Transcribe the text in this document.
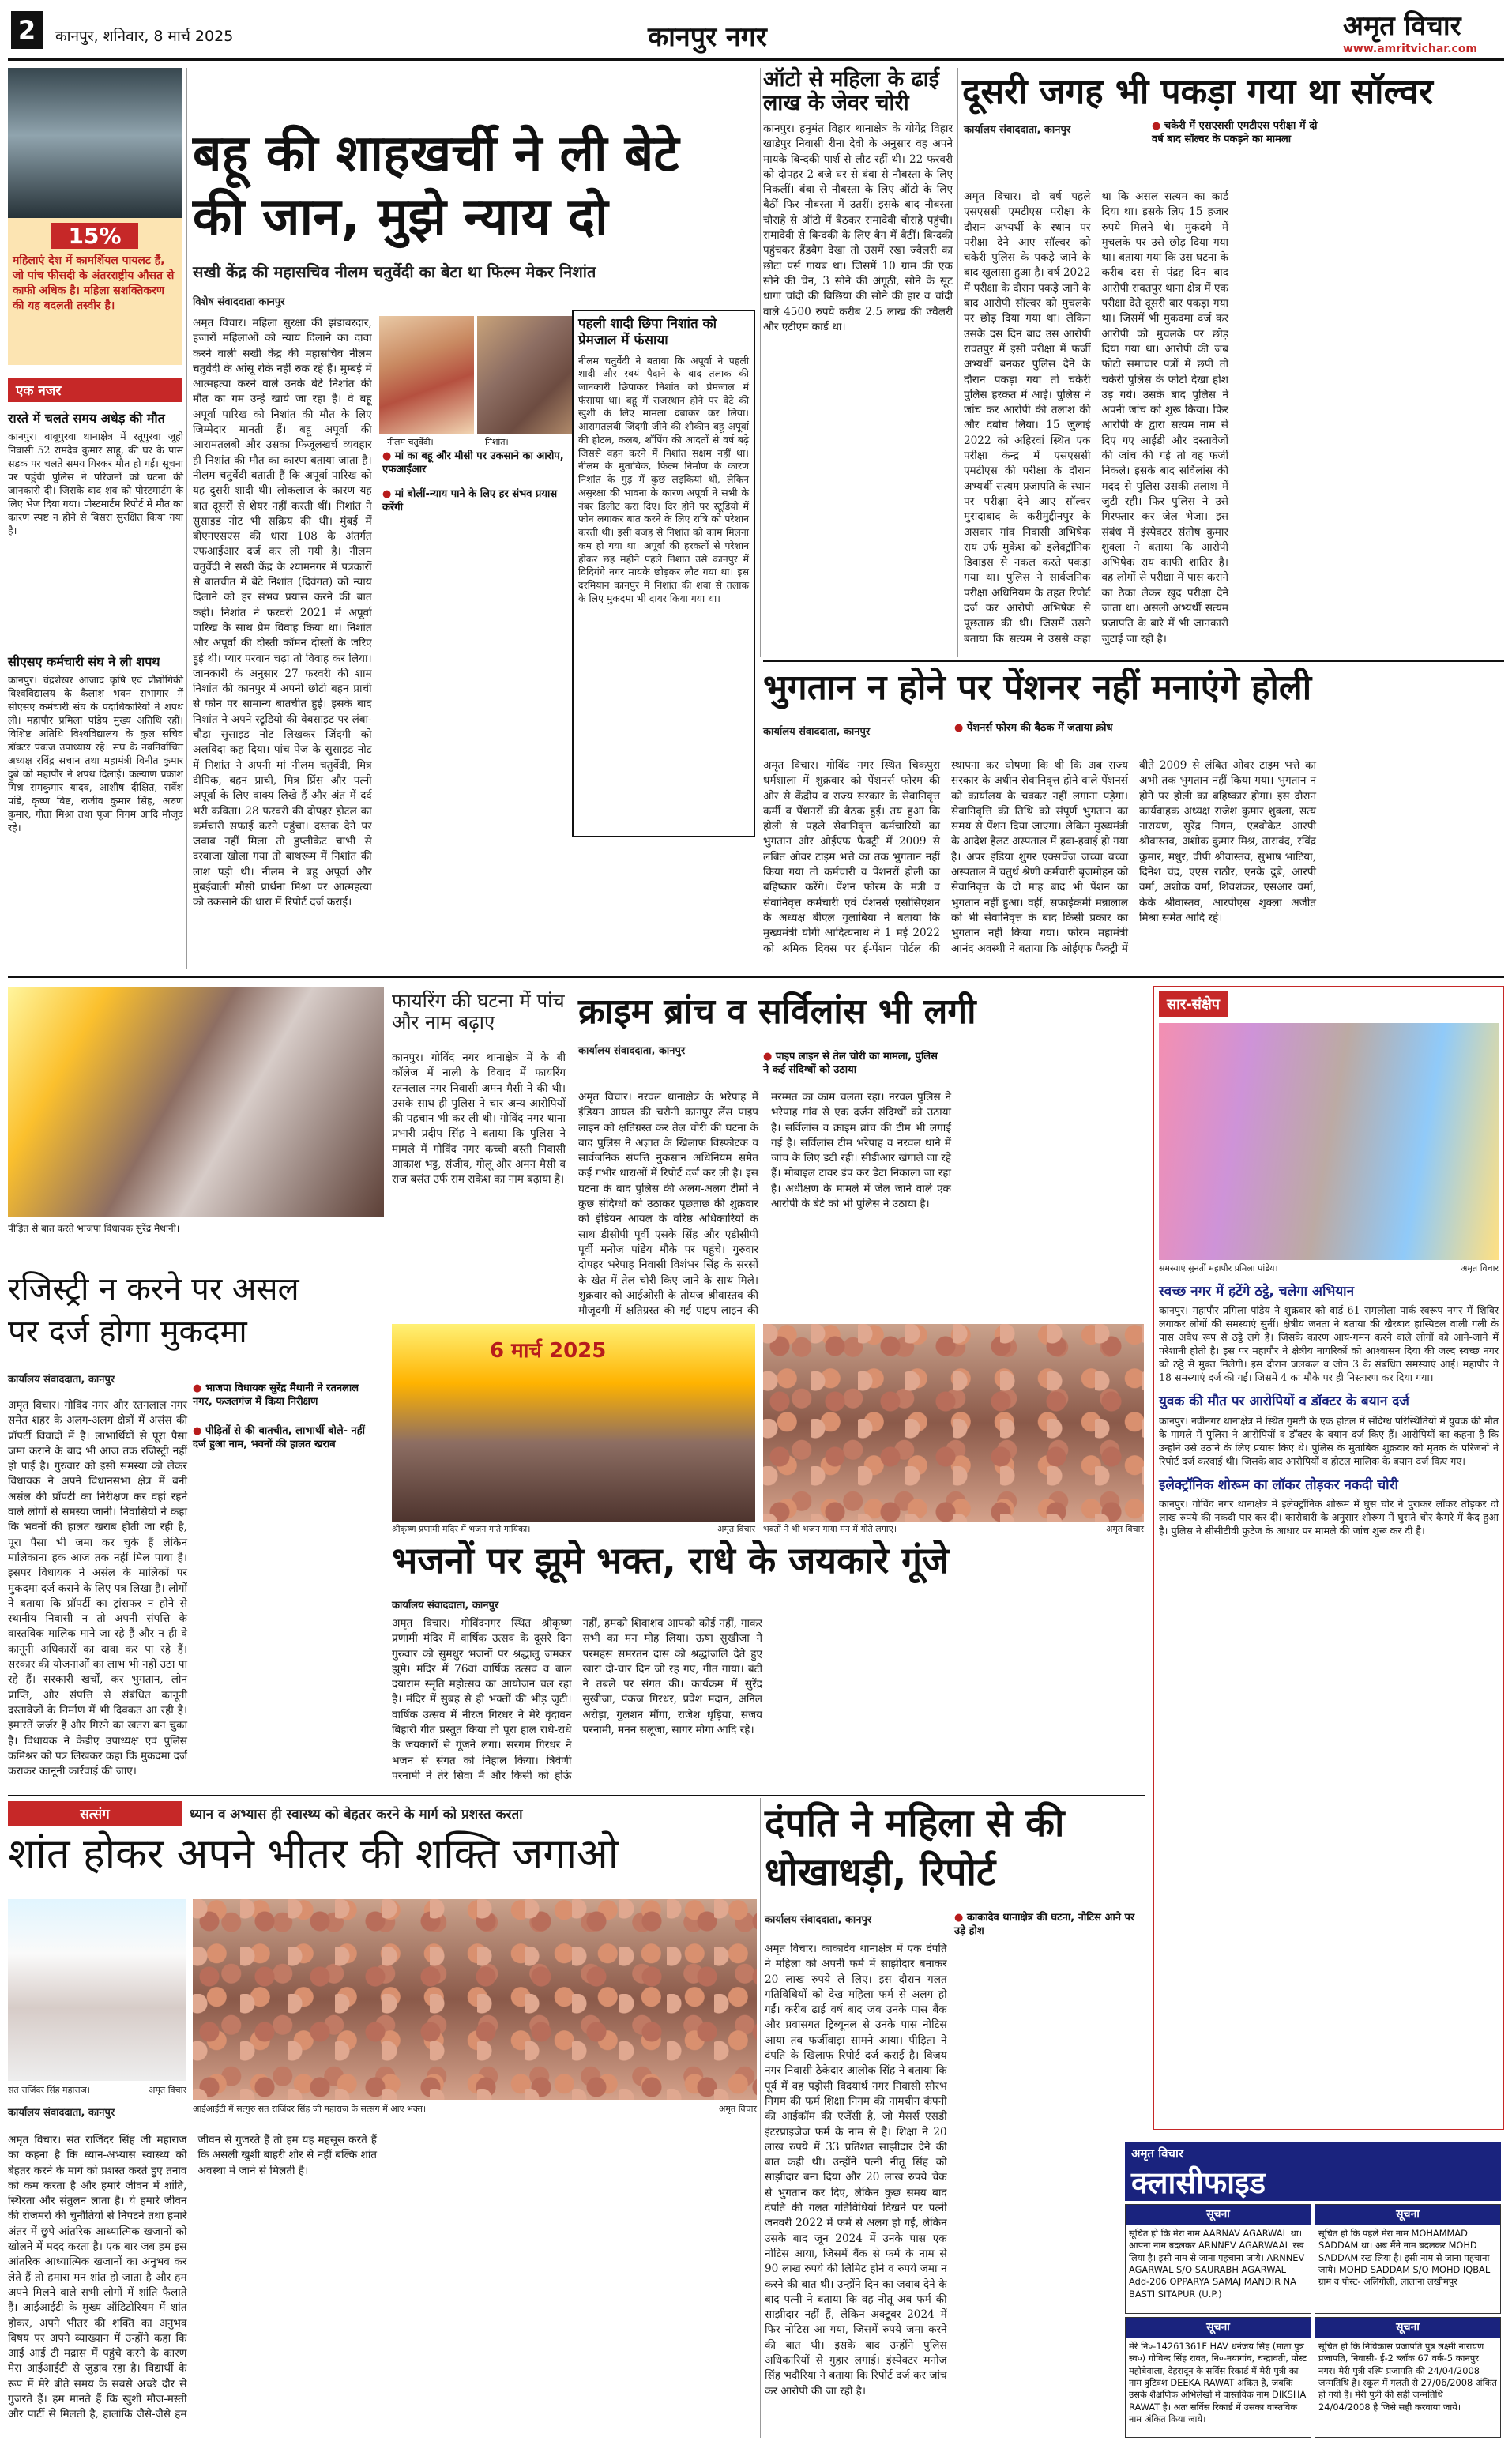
2	कानपुर, शनिवार, 8 मार्च 2025	कानपुर नगर	अमृत विचार
www.amritvichar.com
15%
महिलाएं देश में कामर्शियल पायलट हैं, जो पांच फीसदी के अंतरराष्ट्रीय औसत से काफी अधिक है। महिला सशक्तिकरण की यह बदलती तस्वीर है।
एक नजर
रास्ते में चलते समय अधेड़ की मौत
कानपुर। बाबूपुरवा थानाक्षेत्र में रतूपुरवा जूही निवासी 52 रामदेव कुमार साहू, की घर के पास सड़क पर चलते समय गिरकर मौत हो गई। सूचना पर पहुंची पुलिस ने परिजनों को घटना की जानकारी दी। जिसके बाद शव को पोस्टमार्टम के लिए भेज दिया गया। पोस्टमार्टम रिपोर्ट में मौत का कारण स्पष्ट न होने से बिसरा सुरक्षित किया गया है।
सीएसए कर्मचारी संघ ने ली शपथ
कानपुर। चंद्रशेखर आजाद कृषि एवं प्रौद्योगिकी विश्वविद्यालय के कैलाश भवन सभागार में सीएसए कर्मचारी संघ के पदाधिकारियों ने शपथ ली। महापौर प्रमिला पांडेय मुख्य अतिथि रहीं। विशिष्ट अतिथि विश्वविद्यालय के कुल सचिव डॉक्टर पंकज उपाध्याय रहे। संघ के नवनिर्वाचित अध्यक्ष रविंद्र सचान तथा महामंत्री विनीत कुमार दुबे को महापौर ने शपथ दिलाई। कल्याण प्रकाश मिश्र रामकुमार यादव, आशीष दीक्षित, सर्वेश पांडे, कृष्ण बिष्ट, राजीव कुमार सिंह, अरुण कुमार, गीता मिश्रा तथा पूजा निगम आदि मौजूद रहे।
बहू की शाहखर्ची ने ली बेटे
की जान, मुझे न्याय दो
सखी केंद्र की महासचिव नीलम चतुर्वेदी का बेटा था फिल्म मेकर निशांत
विशेष संवाददाता कानपुर
नीलम चतुर्वेदी।	निशांत।
● मां का बहू और मौसी पर उकसाने का आरोप, एफआईआर
● मां बोलीं-न्याय पाने के लिए हर संभव प्रयास करेंगी
अमृत विचार। महिला सुरक्षा की झंडाबरदार, हजारों महिलाओं को न्याय दिलाने का दावा करने वाली सखी केंद्र की महासचिव नीलम चतुर्वेदी के आंसू रोके नहीं रुक रहे हैं। मुम्बई में आत्महत्या करने वाले उनके बेटे निशांत की मौत का गम उन्हें खाये जा रहा है। वे बहू अपूर्वा पारिख को निशांत की मौत के लिए जिम्मेदार मानती हैं। बहू अपूर्वा की आरामतलबी और उसका फिजूलखर्च व्यवहार ही निशांत की मौत का कारण बताया जाता है। नीलम चतुर्वेदी बताती हैं कि अपूर्वा पारिख को यह दुसरी शादी थी। लोकलाज के कारण यह बात दूसरों से शेयर नहीं करती थीं। निशांत ने सुसाइड नोट भी सक्रिय की थी। मुंबई में बीएनएसएस की धारा 108 के अंतर्गत एफआईआर दर्ज कर ली गयी है। नीलम चतुर्वेदी ने सखी केंद्र के श्यामनगर में पत्रकारों से बातचीत में बेटे निशांत (दिवंगत) को न्याय दिलाने को हर संभव प्रयास करने की बात कही। निशांत ने फरवरी 2021 में अपूर्वा पारिख के साथ प्रेम विवाह किया था। निशांत और अपूर्वा की दोस्ती कॉमन दोस्तों के जरिए हुई थी। प्यार परवान चढ़ा तो विवाह कर लिया। जानकारी के अनुसार 27 फरवरी की शाम निशांत की कानपुर में अपनी छोटी बहन प्राची से फोन पर सामान्य बातचीत हुई। इसके बाद निशांत ने अपने स्टूडियो की वेबसाइट पर लंबा-चौड़ा सुसाइड नोट लिखकर जिंदगी को अलविदा कह दिया। पांच पेज के सुसाइड नोट में निशांत ने अपनी मां नीलम चतुर्वेदी, मित्र दीपिक, बहन प्राची, मित्र प्रिंस और पत्नी अपूर्वा के लिए वाक्य लिखे हैं और अंत में दर्द भरी कविता। 28 फरवरी की दोपहर होटल का कर्मचारी सफाई करने पहुंचा। दस्तक देने पर जवाब नहीं मिला तो डुप्लीकेट चाभी से दरवाजा खोला गया तो बाथरूम में निशांत की लाश पड़ी थी। नीलम ने बहू अपूर्वा और मुंबईवाली मौसी प्रार्थना मिश्रा पर आत्महत्या को उकसाने की धारा में रिपोर्ट दर्ज कराई।
पहली शादी छिपा निशांत को प्रेमजाल में फंसाया
नीलम चतुर्वेदी ने बताया कि अपूर्वा ने पहली शादी और स्वयं पैदाने के बाद तलाक की जानकारी छिपाकर निशांत को प्रेमजाल में फंसाया था। बहू में राजस्थान होने पर वेटे की खुशी के लिए मामला दबाकर कर लिया। आरामतलबी जिंदगी जीने की शौकीन बहू अपूर्वा की होटल, कलब, शॉपिंग की आदतों से वर्ष बढ़े जिससे वहन करने में निशांत सक्षम नहीं था। नीलम के मुताबिक, फिल्म निर्माण के कारण निशांत के गुड़ में कुछ लड़कियां थीं, लेकिन असुरक्षा की भावना के कारण अपूर्वा ने सभी के नंबर डिलीट करा दिए। दिर होने पर स्टूडियो में फोन लगाकर बात करने के लिए रात्रि को परेशान करती थी। इसी वजह से निशांत को काम मिलना कम हो गया था। अपूर्वा की हरकतों से परेशान होकर छह महीने पहले निशांत उसे कानपुर में विदिगंगे नगर मायके छोड़कर लौट गया था। इस दरमियान कानपुर में निशांत की शवा से तलाक के लिए मुकदमा भी दायर किया गया था।
ऑटो से महिला के ढाई लाख के जेवर चोरी
कानपुर। हनुमंत विहार थानाक्षेत्र के योगेंद्र विहार खाडेपुर निवासी रीना देवी के अनुसार वह अपने मायके बिन्दकी पार्श से लौट रहीं थी। 22 फरवरी को दोपहर 2 बजे घर से बंबा से नौबस्ता के लिए निकलीं। बंबा से नौबस्ता के लिए ऑटो के लिए बैठीं फिर नौबस्ता में उतरीं। इसके बाद नौबस्ता चौराहे से ऑटो में बैठकर रामादेवी चौराहे पहुंची। रामादेवी से बिन्दकी के लिए बैग में बैठीं। बिन्दकी पहुंचकर हैंडबैग देखा तो उसमें रखा ज्वैलरी का छोटा पर्स गायब था। जिसमें 10 ग्राम की एक सोने की चेन, 3 सोने की अंगूठी, सोने के सूट धागा चांदी की बिछिया की सोने की हार व चांदी वाले 4500 रुपये करीब 2.5 लाख की ज्वैलरी और एटीएम कार्ड था।
दूसरी जगह भी पकड़ा गया था सॉल्वर
कार्यालय संवाददाता, कानपुर	● चकेरी में एसएससी एमटीएस परीक्षा में दो वर्ष बाद सॉल्वर के पकड़ने का मामला
अमृत विचार। दो वर्ष पहले एसएससी एमटीएस परीक्षा के दौरान अभ्यर्थी के स्थान पर परीक्षा देने आए सॉल्वर को चकेरी पुलिस के पकड़े जाने के बाद खुलासा हुआ है। वर्ष 2022 में परीक्षा के दौरान पकड़े जाने के बाद आरोपी सॉल्वर को मुचलके पर छोड़ दिया गया था। लेकिन उसके दस दिन बाद उस आरोपी रावतपुर में इसी परीक्षा में फर्जी अभ्यर्थी बनकर पुलिस देने के दौरान पकड़ा गया तो चकेरी पुलिस हरकत में आई। पुलिस ने जांच कर आरोपी की तलाश की और दबोच लिया। 15 जुलाई 2022 को अहिरवां स्थित एक परीक्षा केन्द्र में एसएससी एमटीएस की परीक्षा के दौरान अभ्यर्थी सत्यम प्रजापति के स्थान पर परीक्षा देने आए सॉल्वर मुरादाबाद के करीमुद्दीनपुर के असवार गांव निवासी अभिषेक राय उर्फ मुकेश को इलेक्ट्रॉनिक डिवाइस से नकल करते पकड़ा गया था। पुलिस ने सार्वजनिक परीक्षा अधिनियम के तहत रिपोर्ट दर्ज कर आरोपी अभिषेक से पूछताछ की थी। जिसमें उसने बताया कि सत्यम ने उससे कहा था कि असल सत्यम का कार्ड दिया था। इसके लिए 15 हजार रुपये मिलने थे। मुकदमे में मुचलके पर उसे छोड़ दिया गया था। बताया गया कि उस घटना के करीब दस से पंद्रह दिन बाद आरोपी रावतपुर थाना क्षेत्र में एक परीक्षा देते दूसरी बार पकड़ा गया था। जिसमें भी मुकदमा दर्ज कर आरोपी को मुचलके पर छोड़ दिया गया था। आरोपी की जब फोटो समाचार पत्रों में छपी तो चकेरी पुलिस के फोटो देखा होश उड़ गये। उसके बाद पुलिस ने अपनी जांच को शुरू किया। फिर आरोपी के द्वारा सत्यम नाम से दिए गए आईडी और दस्तावेजों की जांच की गई तो वह फर्जी निकले। इसके बाद सर्विलांस की मदद से पुलिस उसकी तलाश में जुटी रही। फिर पुलिस ने उसे गिरफ्तार कर जेल भेजा। इस संबंध में इंस्पेक्टर संतोष कुमार शुक्ला ने बताया कि आरोपी अभिषेक राय काफी शातिर है। वह लोगों से परीक्षा में पास कराने का ठेका लेकर खुद परीक्षा देने जाता था। असली अभ्यर्थी सत्यम प्रजापति के बारे में भी जानकारी जुटाई जा रही है।
भुगतान न होने पर पेंशनर नहीं मनाएंगे होली
कार्यालय संवाददाता, कानपुर	● पेंशनर्स फोरम की बैठक में जताया क्रोध
अमृत विचार। गोविंद नगर स्थित चिकपुरा धर्मशाला में शुक्रवार को पेंशनर्स फोरम की ओर से केंद्रीय व राज्य सरकार के सेवानिवृत्त कर्मी व पेंशनरों की बैठक हुई। तय हुआ कि होली से पहले सेवानिवृत्त कर्मचारियों का भुगतान और ओईएफ फैक्ट्री में 2009 से लंबित ओवर टाइम भत्ते का तक भुगतान नहीं किया गया तो कर्मचारी व पेंशनरों होली का बहिष्कार करेंगे। पेंशन फोरम के मंत्री व सेवानिवृत्त कर्मचारी एवं पेंशनर्स एसोसिएशन के अध्यक्ष बीएल गुलाबिया ने बताया कि मुख्यमंत्री योगी आदित्यनाथ ने 1 मई 2022 को श्रमिक दिवस पर ई-पेंशन पोर्टल की स्थापना कर घोषणा कि थी कि अब राज्य सरकार के अधीन सेवानिवृत्त होने वाले पेंशनर्स को कार्यालय के चक्कर नहीं लगाना पड़ेगा। सेवानिवृत्ति की तिथि को संपूर्ण भुगतान का समय से पेंशन दिया जाएगा। लेकिन मुख्यमंत्री के आदेश हैलट अस्पताल में हवा-हवाई हो गया है। अपर इंडिया शुगर एक्सचेंज जच्चा बच्चा अस्पताल में चतुर्थ श्रेणी कर्मचारी बृजमोहन को सेवानिवृत्त के दो माह बाद भी पेंशन का भुगतान नहीं हुआ। वहीं, सफाईकर्मी मन्नालाल को भी सेवानिवृत्त के बाद किसी प्रकार का भुगतान नहीं किया गया। फोरम महामंत्री आनंद अवस्थी ने बताया कि ओईएफ फैक्ट्री में बीते 2009 से लंबित ओवर टाइम भत्ते का अभी तक भुगतान नहीं किया गया। भुगतान न होने पर होली का बहिष्कार होगा। इस दौरान कार्यवाहक अध्यक्ष राजेश कुमार शुक्ला, सत्य नारायण, सुरेंद्र निगम, एडवोकेट आरपी श्रीवास्तव, अशोक कुमार मिश्र, तारावंद, रविंद्र कुमार, मधुर, वीपी श्रीवास्तव, सुभाष भाटिया, दिनेश चंद्र, एएस राठौर, एनके दुबे, आरपी वर्मा, अशोक वर्मा, शिवशंकर, एसआर वर्मा, केके श्रीवास्तव, आरपीएस शुक्ला अजीत मिश्रा समेत आदि रहे।
पीड़ित से बात करते भाजपा विधायक सुरेंद्र मैथानी।
फायरिंग की घटना में पांच और नाम बढ़ाए
कानपुर। गोविंद नगर थानाक्षेत्र में के बी कॉलेज में नाली के विवाद में फायरिंग रतनलाल नगर निवासी अमन मैसी ने की थी। उसके साथ ही पुलिस ने चार अन्य आरोपियों की पहचान भी कर ली थी। गोविंद नगर थाना प्रभारी प्रदीप सिंह ने बताया कि पुलिस ने मामले में गोविंद नगर कच्ची बस्ती निवासी आकाश भट्ट, संजीव, गोलू और अमन मैसी व राज बसंत उर्फ राम राकेश का नाम बढ़ाया है।
क्राइम ब्रांच व सर्विलांस भी लगी
कार्यालय संवाददाता, कानपुर	● पाइप लाइन से तेल चोरी का मामला, पुलिस ने कई संदिग्धों को उठाया
अमृत विचार। नरवल थानाक्षेत्र के भरेपाह में इंडियन आयल की चरौनी कानपुर लेंस पाइप लाइन को क्षतिग्रस्त कर तेल चोरी की घटना के बाद पुलिस ने अज्ञात के खिलाफ विस्फोटक व सार्वजनिक संपत्ति नुकसान अधिनियम समेत कई गंभीर धाराओं में रिपोर्ट दर्ज कर ली है। इस घटना के बाद पुलिस की अलग-अलग टीमों ने कुछ संदिग्धों को उठाकर पूछताछ की शुक्रवार को इंडियन आयल के वरिष्ठ अधिकारियों के साथ डीसीपी पूर्वी एसके सिंह और एडीसीपी पूर्वी मनोज पांडेय मौके पर पहुंचे। गुरुवार दोपहर भरेपाह निवासी विशंभर सिंह के सरसों के खेत में तेल चोरी किए जाने के साथ मिले। शुक्रवार को आईओसी के तोयज श्रीवास्तव की मौजूदगी में क्षतिग्रस्त की गई पाइप लाइन की मरम्मत का काम चलता रहा। नरवल पुलिस ने भरेपाह गांव से एक दर्जन संदिग्धों को उठाया है। सर्विलांस व क्राइम ब्रांच की टीम भी लगाई गई है। सर्विलांस टीम भरेपाह व नरवल थाने में जांच के लिए डटी रही। सीडीआर खंगाले जा रहे हैं। मोबाइल टावर डंप कर डेटा निकाला जा रहा है। अधीक्षण के मामले में जेल जाने वाले एक आरोपी के बेटे को भी पुलिस ने उठाया है।
सार-संक्षेप
समस्याएं सुनतीं महापौर प्रमिला पांडेय।	अमृत विचार
स्वच्छ नगर में हटेंगे ठट्ठे, चलेगा अभियान
कानपुर। महापौर प्रमिला पांडेय ने शुक्रवार को वार्ड 61 रामलीला पार्क स्वरूप नगर में शिविर लगाकर लोगों की समस्याएं सुनीं। क्षेत्रीय जनता ने बताया की खैरबाद हास्पिटल वाली गली के पास अवैध रूप से ठट्ठे लगे हैं। जिसके कारण आय-गमन करने वाले लोगों को आने-जाने में परेशानी होती है। इस पर महापौर ने क्षेत्रीय नागरिकों को आश्वासन दिया की जल्द स्वच्छ नगर को ठट्ठे से मुक्त मिलेगी। इस दौरान जलकल व जोन 3 के संबंधित समस्याएं आईं। महापौर ने 18 समस्याएं दर्ज की गईं। जिसमें 4 का मौके पर ही निस्तारण कर दिया गया।
युवक की मौत पर आरोपियों व डॉक्टर के बयान दर्ज
कानपुर। नवीनगर थानाक्षेत्र में स्थित गुमटी के एक होटल में संदिग्ध परिस्थितियों में युवक की मौत के मामले में पुलिस ने आरोपियों व डॉक्टर के बयान दर्ज किए हैं। आरोपियों का कहना है कि उन्होंने उसे उठाने के लिए प्रयास किए थे। पुलिस के मुताबिक शुक्रवार को मृतक के परिजनों ने रिपोर्ट दर्ज करवाई थी। जिसके बाद आरोपियों व होटल मालिक के बयान दर्ज किए गए।
इलेक्ट्रॉनिक शोरूम का लॉकर तोड़कर नकदी चोरी
कानपुर। गोविंद नगर थानाक्षेत्र में इलेक्ट्रॉनिक शोरूम में घुस चोर ने पुराकर लॉकर तोड़कर दो लाख रुपये की नकदी पार कर दी। कारोबारी के अनुसार शोरूम में घुसते चोर कैमरे में कैद हुआ है। पुलिस ने सीसीटीवी फुटेज के आधार पर मामले की जांच शुरू कर दी है।
रजिस्ट्री न करने पर असल
पर दर्ज होगा मुकदमा
कार्यालय संवाददाता, कानपुर
● भाजपा विधायक सुरेंद्र मैथानी ने रतनलाल नगर, फजलगंज में किया निरीक्षण
● पीड़ितों से की बातचीत, लाभार्थी बोले- नहीं दर्ज हुआ नाम, भवनों की हालत खराब
अमृत विचार। गोविंद नगर और रतनलाल नगर समेत शहर के अलग-अलग क्षेत्रों में असंस की प्रॉपर्टी विवादों में है। लाभार्थियों से पूरा पैसा जमा कराने के बाद भी आज तक रजिस्ट्री नहीं हो पाई है। गुरुवार को इसी समस्या को लेकर विधायक ने अपने विधानसभा क्षेत्र में बनी असंल की प्रॉपर्टी का निरीक्षण कर वहां रहने वाले लोगों से समस्या जानी। निवासियों ने कहा कि भवनों की हालत खराब होती जा रही है, पूरा पैसा भी जमा कर चुके हैं लेकिन मालिकाना हक आज तक नहीं मिल पाया है। इसपर विधायक ने असंल के मालिकों पर मुकदमा दर्ज कराने के लिए पत्र लिखा है। लोगों ने बताया कि प्रॉपर्टी का ट्रांसफर न होने से स्थानीय निवासी न तो अपनी संपत्ति के वास्तविक मालिक माने जा रहे हैं और न ही वे कानूनी अधिकारों का दावा कर पा रहे हैं। सरकार की योजनाओं का लाभ भी नहीं उठा पा रहे हैं। सरकारी खर्चों, कर भुगतान, लोन प्राप्ति, और संपत्ति से संबंधित कानूनी दस्तावेजों के निर्माण में भी दिक्कत आ रही है। इमारतें जर्जर हैं और गिरने का खतरा बन चुका है। विधायक ने केडीए उपाध्यक्ष एवं पुलिस कमिश्नर को पत्र लिखकर कहा कि मुकदमा दर्ज कराकर कानूनी कार्रवाई की जाए।
6 मार्च 2025
श्रीकृष्ण प्रणामी मंदिर में भजन गाते गायिका।	अमृत विचार भक्तों ने भी भजन गाया मन में गोते लगाए।	अमृत विचार
भजनों पर झूमे भक्त, राधे के जयकारे गूंजे
कार्यालय संवाददाता, कानपुर
अमृत विचार। गोविंदनगर स्थित श्रीकृष्ण प्रणामी मंदिर में वार्षिक उत्सव के दूसरे दिन गुरुवार को सुमधुर भजनों पर श्रद्धालु जमकर झूमे। मंदिर में 76वां वार्षिक उत्सव व बाल दयाराम स्मृति महोत्सव का आयोजन चल रहा है। मंदिर में सुबह से ही भक्तों की भीड़ जुटी। वार्षिक उत्सव में नीरज गिरधर ने मेरे वृंदावन बिहारी गीत प्रस्तुत किया तो पूरा हाल राधे-राधे के जयकारों से गूंजने लगा। सरगम गिरधर ने भजन से संगत को निहाल किया। त्रिवेणी परनामी ने तेरे सिवा मैं और किसी को होऊं नहीं, हमको शिवाशव आपको कोई नहीं, गाकर सभी का मन मोह लिया। ऊषा सुखीजा ने परमहंस समरतन दास को श्रद्धांजलि देते हुए खारा दो-चार दिन जो रह गए, गीत गाया। बंटी ने तबले पर संगत की। कार्यक्रम में सुरेंद्र सुखीजा, पंकज गिरधर, प्रवेश मदान, अनिल अरोड़ा, गुलशन मौंगा, राजेश धृड़िया, संजय परनामी, मनन सलूजा, सागर मोगा आदि रहे।
सत्संग	ध्यान व अभ्यास ही स्वास्थ्य को बेहतर करने के मार्ग को प्रशस्त करता
शांत होकर अपने भीतर की शक्ति जगाओ
संत राजिंदर सिंह महाराज।	अमृत विचार
आईआईटी में सत्गुरु संत राजिंदर सिंह जी महाराज के सत्संग में आए भक्त।	अमृत विचार
कार्यालय संवाददाता, कानपुर
अमृत विचार। संत राजिंदर सिंह जी महाराज का कहना है कि ध्यान-अभ्यास स्वास्थ्य को बेहतर करने के मार्ग को प्रशस्त करते हुए तनाव को कम करता है और हमारे जीवन में शांति, स्थिरता और संतुलन लाता है। ये हमारे जीवन की रोजमर्रा की चुनौतियों से निपटने तथा हमारे अंतर में छुपे आंतरिक आध्यात्मिक खजानों को खोलने में मदद करता है। एक बार जब हम इस आंतरिक आध्यात्मिक खजानों का अनुभव कर लेते हैं तो हमारा मन शांत हो जाता है और हम अपने मिलने वाले सभी लोगों में शांति फैलाते हैं। आईआईटी के मुख्य ऑडिटोरियम में शांत होकर, अपने भीतर की शक्ति का अनुभव विषय पर अपने व्याख्यान में उन्होंने कहा कि आई आई टी मद्रास में पहुंचे करने के कारण मेरा आईआईटी से जुड़ाव रहा है। विद्यार्थी के रूप में मेरे बीते समय के सबसे अच्छे दौर से गुजरते हैं। हम मानते हैं कि खुशी मौज-मस्ती और पार्टी से मिलती है, हालांकि जैसे-जैसे हम जीवन से गुजरते हैं तो हम यह महसूस करते हैं कि असली खुशी बाहरी शोर से नहीं बल्कि शांत अवस्था में जाने से मिलती है।
दंपति ने महिला से की
धोखाधड़ी, रिपोर्ट
कार्यालय संवाददाता, कानपुर	● काकादेव थानाक्षेत्र की घटना, नोटिस आने पर उड़े होश
अमृत विचार। काकादेव थानाक्षेत्र में एक दंपति ने महिला को अपनी फर्म में साझीदार बनाकर 20 लाख रुपये ले लिए। इस दौरान गलत गतिविधियों को देख महिला फर्म से अलग हो गईं। करीब ढाई वर्ष बाद जब उनके पास बैंक और प्रवासगत ट्रिब्यूनल से उनके पास नोटिस आया तब फर्जीवाड़ा सामने आया। पीड़िता ने दंपति के खिलाफ रिपोर्ट दर्ज कराई है। विजय नगर निवासी ठेकेदार आलोक सिंह ने बताया कि पूर्व में वह पड़ोसी विदयार्थ नगर निवासी सौरभ निगम की फर्म शिक्षा निगम की नामचीन कंपनी की आईकॉम की एजेंसी है, जो मैसर्स एसडी इंटरप्राइजेज फर्म के नाम से है। शिक्षा ने 20 लाख रुपये में 33 प्रतिशत साझीदार देने की बात कही थी। उन्होंने पत्नी नीतू सिंह को साझीदार बना दिया और 20 लाख रुपये चेक से भुगतान कर दिए, लेकिन कुछ समय बाद दंपति की गलत गतिविधियां दिखने पर पत्नी जनवरी 2022 में फर्म से अलग हो गईं, लेकिन उसके बाद जून 2024 में उनके पास एक नोटिस आया, जिसमें बैंक से फर्म के नाम से 90 लाख रुपये की लिमिट होने व रुपये जमा न करने की बात थी। उन्होंने दिन का जवाब देने के बाद पत्नी ने बताया कि वह नीतू अब फर्म की साझीदार नहीं हैं, लेकिन अक्टूबर 2024 में फिर नोटिस आ गया, जिसमें रुपये जमा करने की बात थी। इसके बाद उन्होंने पुलिस अधिकारियों से गुहार लगाई। इंस्पेक्टर मनोज सिंह भदौरिया ने बताया कि रिपोर्ट दर्ज कर जांच कर आरोपी की जा रही है।
अमृत विचार
क्लासीफाइड
सूचना
सूचित हो कि मेरा नाम AARNAV AGARWAL था। आपना नाम बदलकर ARNNEV AGARWAAL रख लिया है। इसी नाम से जाना पहचाना जाये। ARNNEV AGARWAL S/O SAURABH AGARWAL Add-206 OPPARYA SAMAJ MANDIR NA BASTI SITAPUR (U.P.)
सूचना
सूचित हो कि पहले मेरा नाम MOHAMMAD SADDAM था। अब मैंने नाम बदलकर MOHD SADDAM रख लिया है। इसी नाम से जाना पहचाना जाये। MOHD SADDAM S/O MOHD IQBAL ग्राम व पोस्ट- अलिगोली, लालाना लखीमपुर
सूचना
मेरे नि०-14261361F HAV धनंजय सिंह (माता पुत्र स्व०) गोविन्द सिंह रावत, नि०-नयागांव, चन्द्रावती, पोस्ट महोबेवाला, देहरादून के सर्विस रिकार्ड में मेरी पुत्री का नाम त्रुटिवश DEEKA RAWAT अंकित है, जबकि उसके शैक्षणिक अभिलेखों में वास्तविक नाम DIKSHA RAWAT है। अतः सर्विस रिकार्ड में उसका वास्तविक नाम अंकित किया जाये।
सूचना
सूचित हो कि निविकास प्रजापति पुत्र लक्ष्मी नारायण प्रजापति, निवासी- ई-2 ब्लॉक 67 वर्क-5 कानपुर नगर। मेरी पुत्री रश्मि प्रजापति की 24/04/2008 जन्मतिथि है। स्कूल में गलती से 27/06/2008 अंकित हो गयी है। मेरी पुत्री की सही जन्मतिथि 24/04/2008 है जिसे सही करवाया जाये।
